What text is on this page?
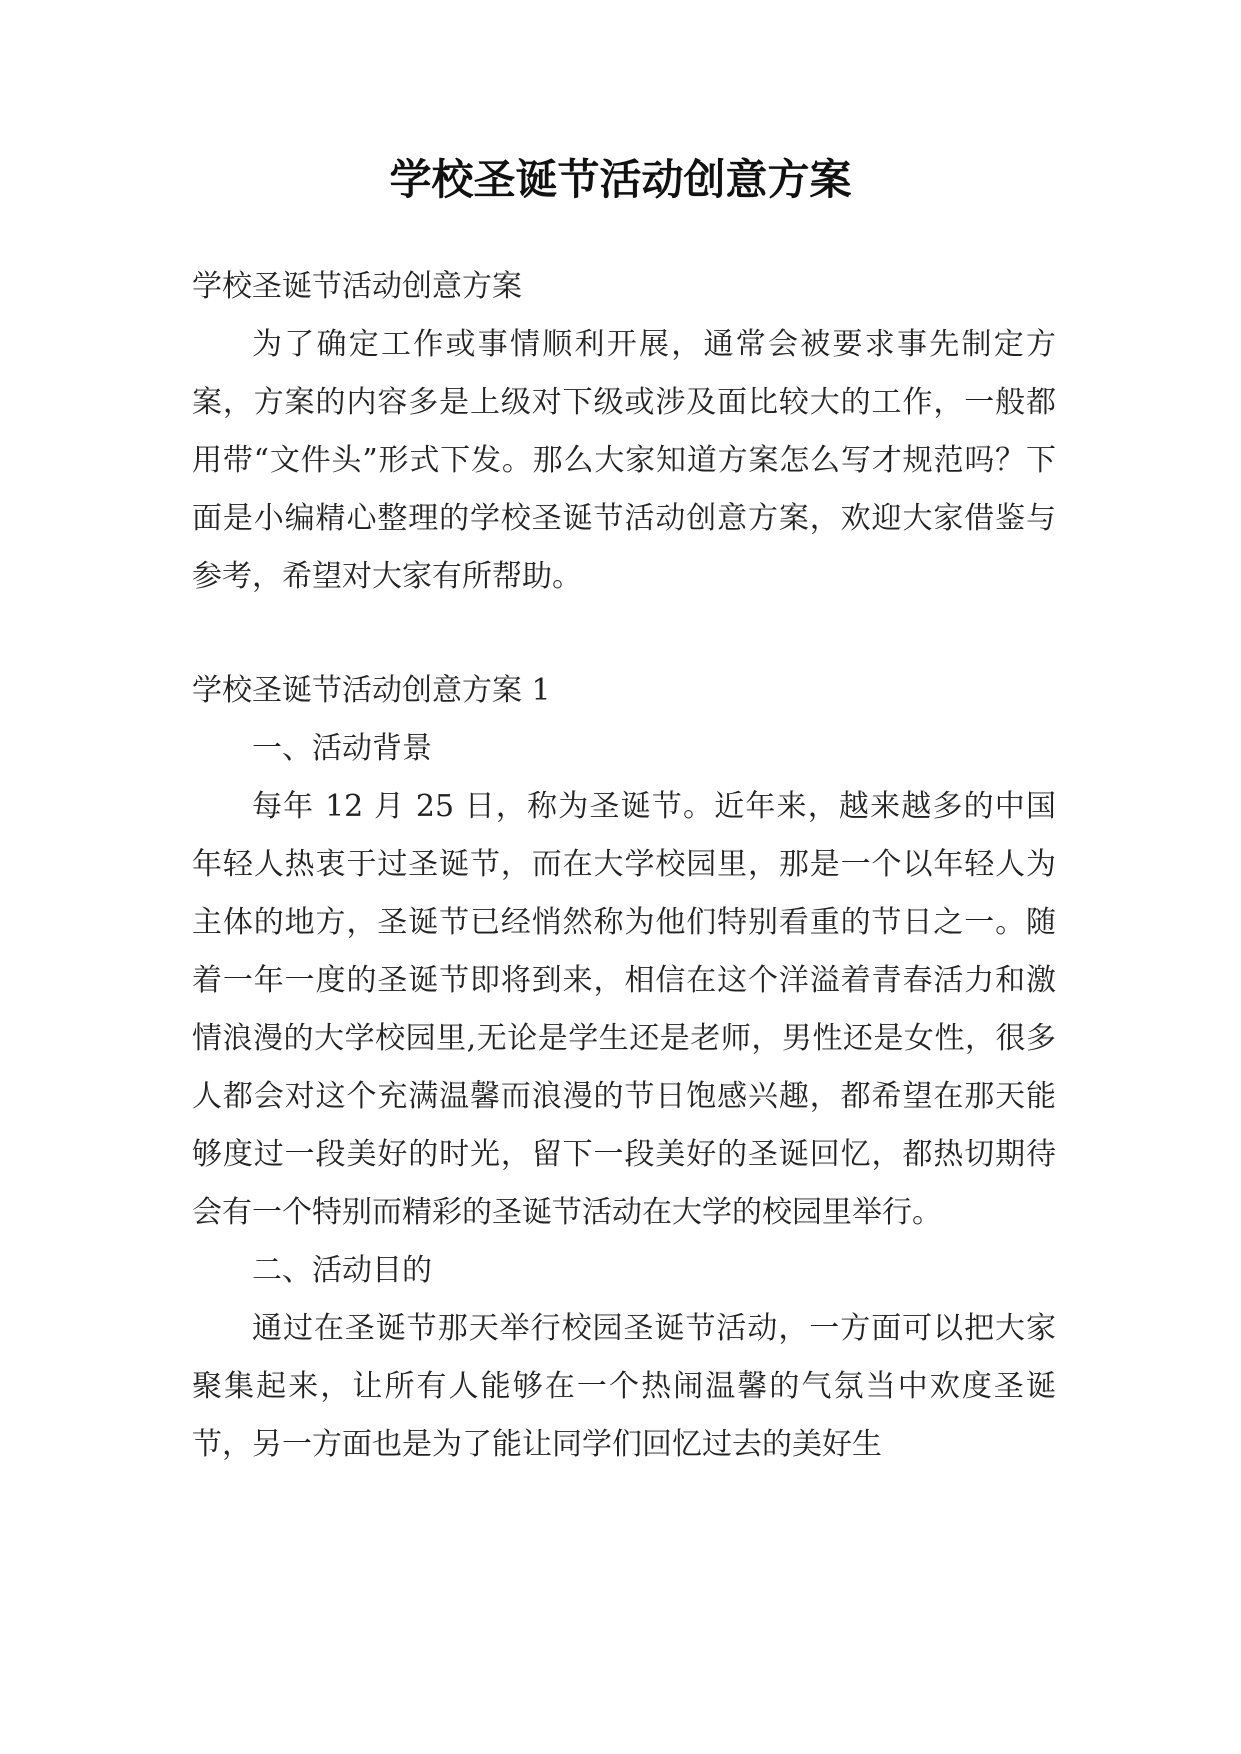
学校圣诞节活动创意方案

学校圣诞节活动创意方案

为了确定工作或事情顺利开展，通常会被要求事先制定方案，方案的内容多是上级对下级或涉及面比较大的工作，一般都用带“文件头”形式下发。那么大家知道方案怎么写才规范吗？下面是小编精心整理的学校圣诞节活动创意方案，欢迎大家借鉴与参考，希望对大家有所帮助。

学校圣诞节活动创意方案 1

一、活动背景

每年 12 月 25 日，称为圣诞节。近年来，越来越多的中国年轻人热衷于过圣诞节，而在大学校园里，那是一个以年轻人为主体的地方，圣诞节已经悄然称为他们特别看重的节日之一。随着一年一度的圣诞节即将到来，相信在这个洋溢着青春活力和激情浪漫的大学校园里,无论是学生还是老师，男性还是女性，很多人都会对这个充满温馨而浪漫的节日饱感兴趣，都希望在那天能够度过一段美好的时光，留下一段美好的圣诞回忆，都热切期待会有一个特别而精彩的圣诞节活动在大学的校园里举行。

二、活动目的

通过在圣诞节那天举行校园圣诞节活动，一方面可以把大家聚集起来，让所有人能够在一个热闹温馨的气氛当中欢度圣诞节，另一方面也是为了能让同学们回忆过去的美好生
